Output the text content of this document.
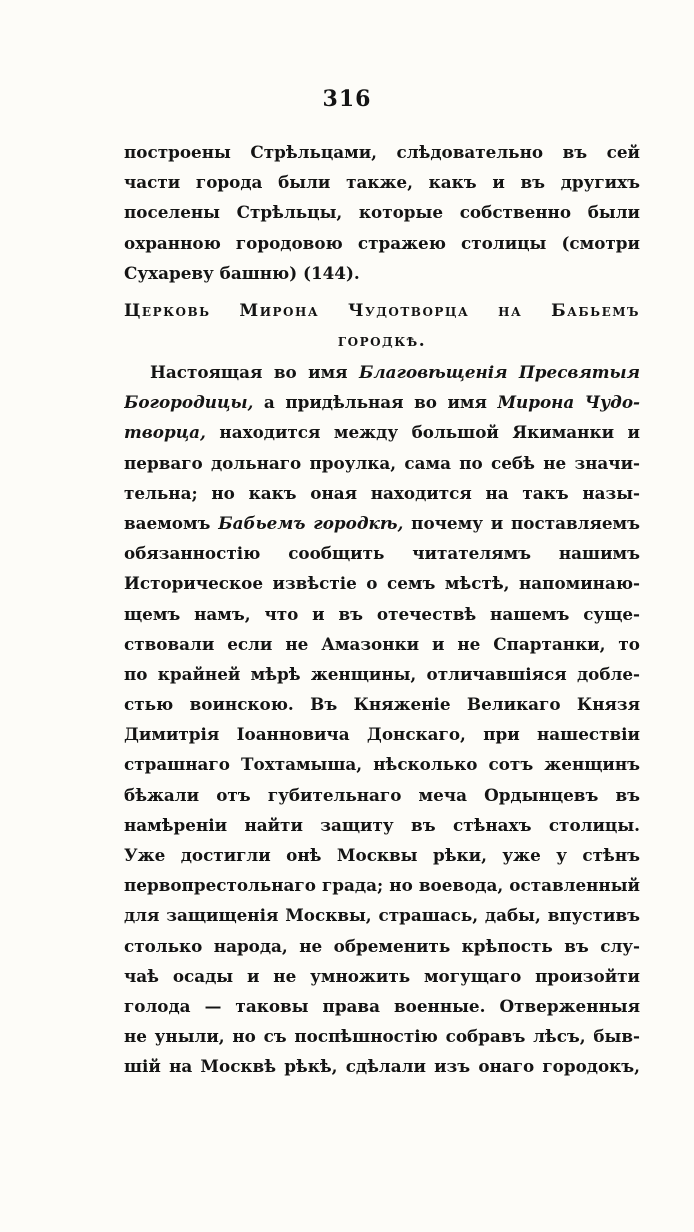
316
построены Стрѣльцами, слѣдовательно въ сей
части города были также, какъ и въ другихъ
поселены Стрѣльцы, которые собственно были
охранною городовою стражею столицы (смотри
Сухареву башню) (144).
Церковь Мирона Чудотворца на Бабьемъ
городкѣ.
Настоящая во имя Благовѣщенія Пресвятыя
Богородицы, а придѣльная во имя Мирона Чудо-
творца, находится между большой Якиманки и
перваго дольнаго проулка, сама по себѣ не значи-
тельна; но какъ оная находится на такъ назы-
ваемомъ Бабьемъ городкѣ, почему и поставляемъ
обязанностію сообщить читателямъ нашимъ
Историческое извѣстіе о семъ мѣстѣ, напоминаю-
щемъ намъ, что и въ отечествѣ нашемъ суще-
ствовали если не Амазонки и не Спартанки, то
по крайней мѣрѣ женщины, отличавшіяся добле-
стью воинскою. Въ Княженіе Великаго Князя
Димитрія Іоанновича Донскаго, при нашествіи
страшнаго Тохтамыша, нѣсколько сотъ женщинъ
бѣжали отъ губительнаго меча Ордынцевъ въ
намѣреніи найти защиту въ стѣнахъ столицы.
Уже достигли онѣ Москвы рѣки, уже у стѣнъ
первопрестольнаго града; но воевода, оставленный
для защищенія Москвы, страшась, дабы, впустивъ
столько народа, не обременить крѣпость въ слу-
чаѣ осады и не умножить могущаго произойти
голода — таковы права военные. Отверженныя
не уныли, но съ поспѣшностію собравъ лѣсъ, быв-
шій на Москвѣ рѣкѣ, сдѣлали изъ онаго городокъ,
